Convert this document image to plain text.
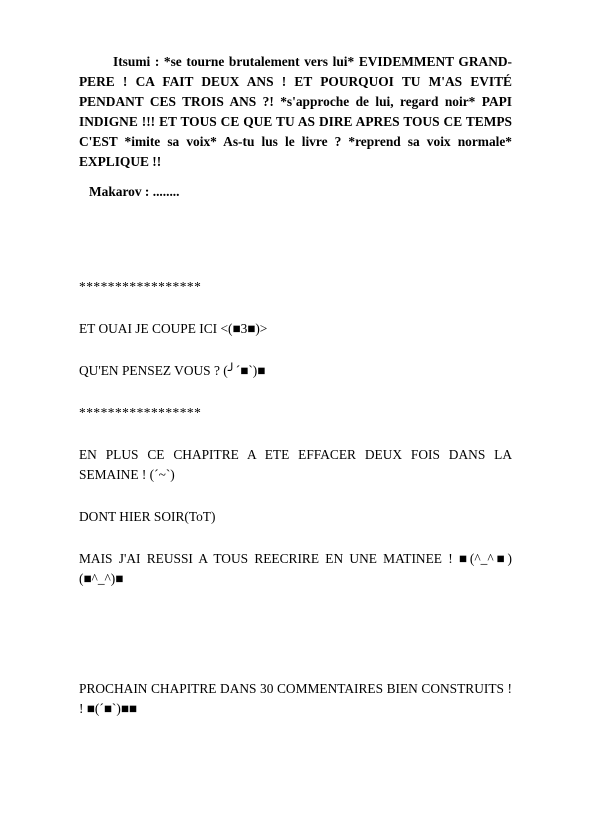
Itsumi : *se tourne brutalement vers lui* EVIDEMMENT GRAND-PERE ! CA FAIT DEUX ANS ! ET POURQUOI TU M'AS EVITÉ PENDANT CES TROIS ANS ?! *s'approche de lui, regard noir* PAPI INDIGNE !!! ET TOUS CE QUE TU AS DIRE APRES TOUS CE TEMPS C'EST *imite sa voix* As-tu lus le livre ? *reprend sa voix normale* EXPLIQUE !!

Makarov : ........

*****************

ET OUAI JE COUPE ICI <(■3■)>

QU'EN PENSEZ VOUS ? (╯´■`)■

*****************

EN PLUS CE CHAPITRE A ETE EFFACER DEUX FOIS DANS LA SEMAINE ! (´~`)

DONT HIER SOIR(ToT)

MAIS J'AI REUSSI A TOUS REECRIRE EN UNE MATINEE ! ■(^_^■)(■^_^)■

PROCHAIN CHAPITRE DANS 30 COMMENTAIRES BIEN CONSTRUITS ! ! ■(´■`)■■
